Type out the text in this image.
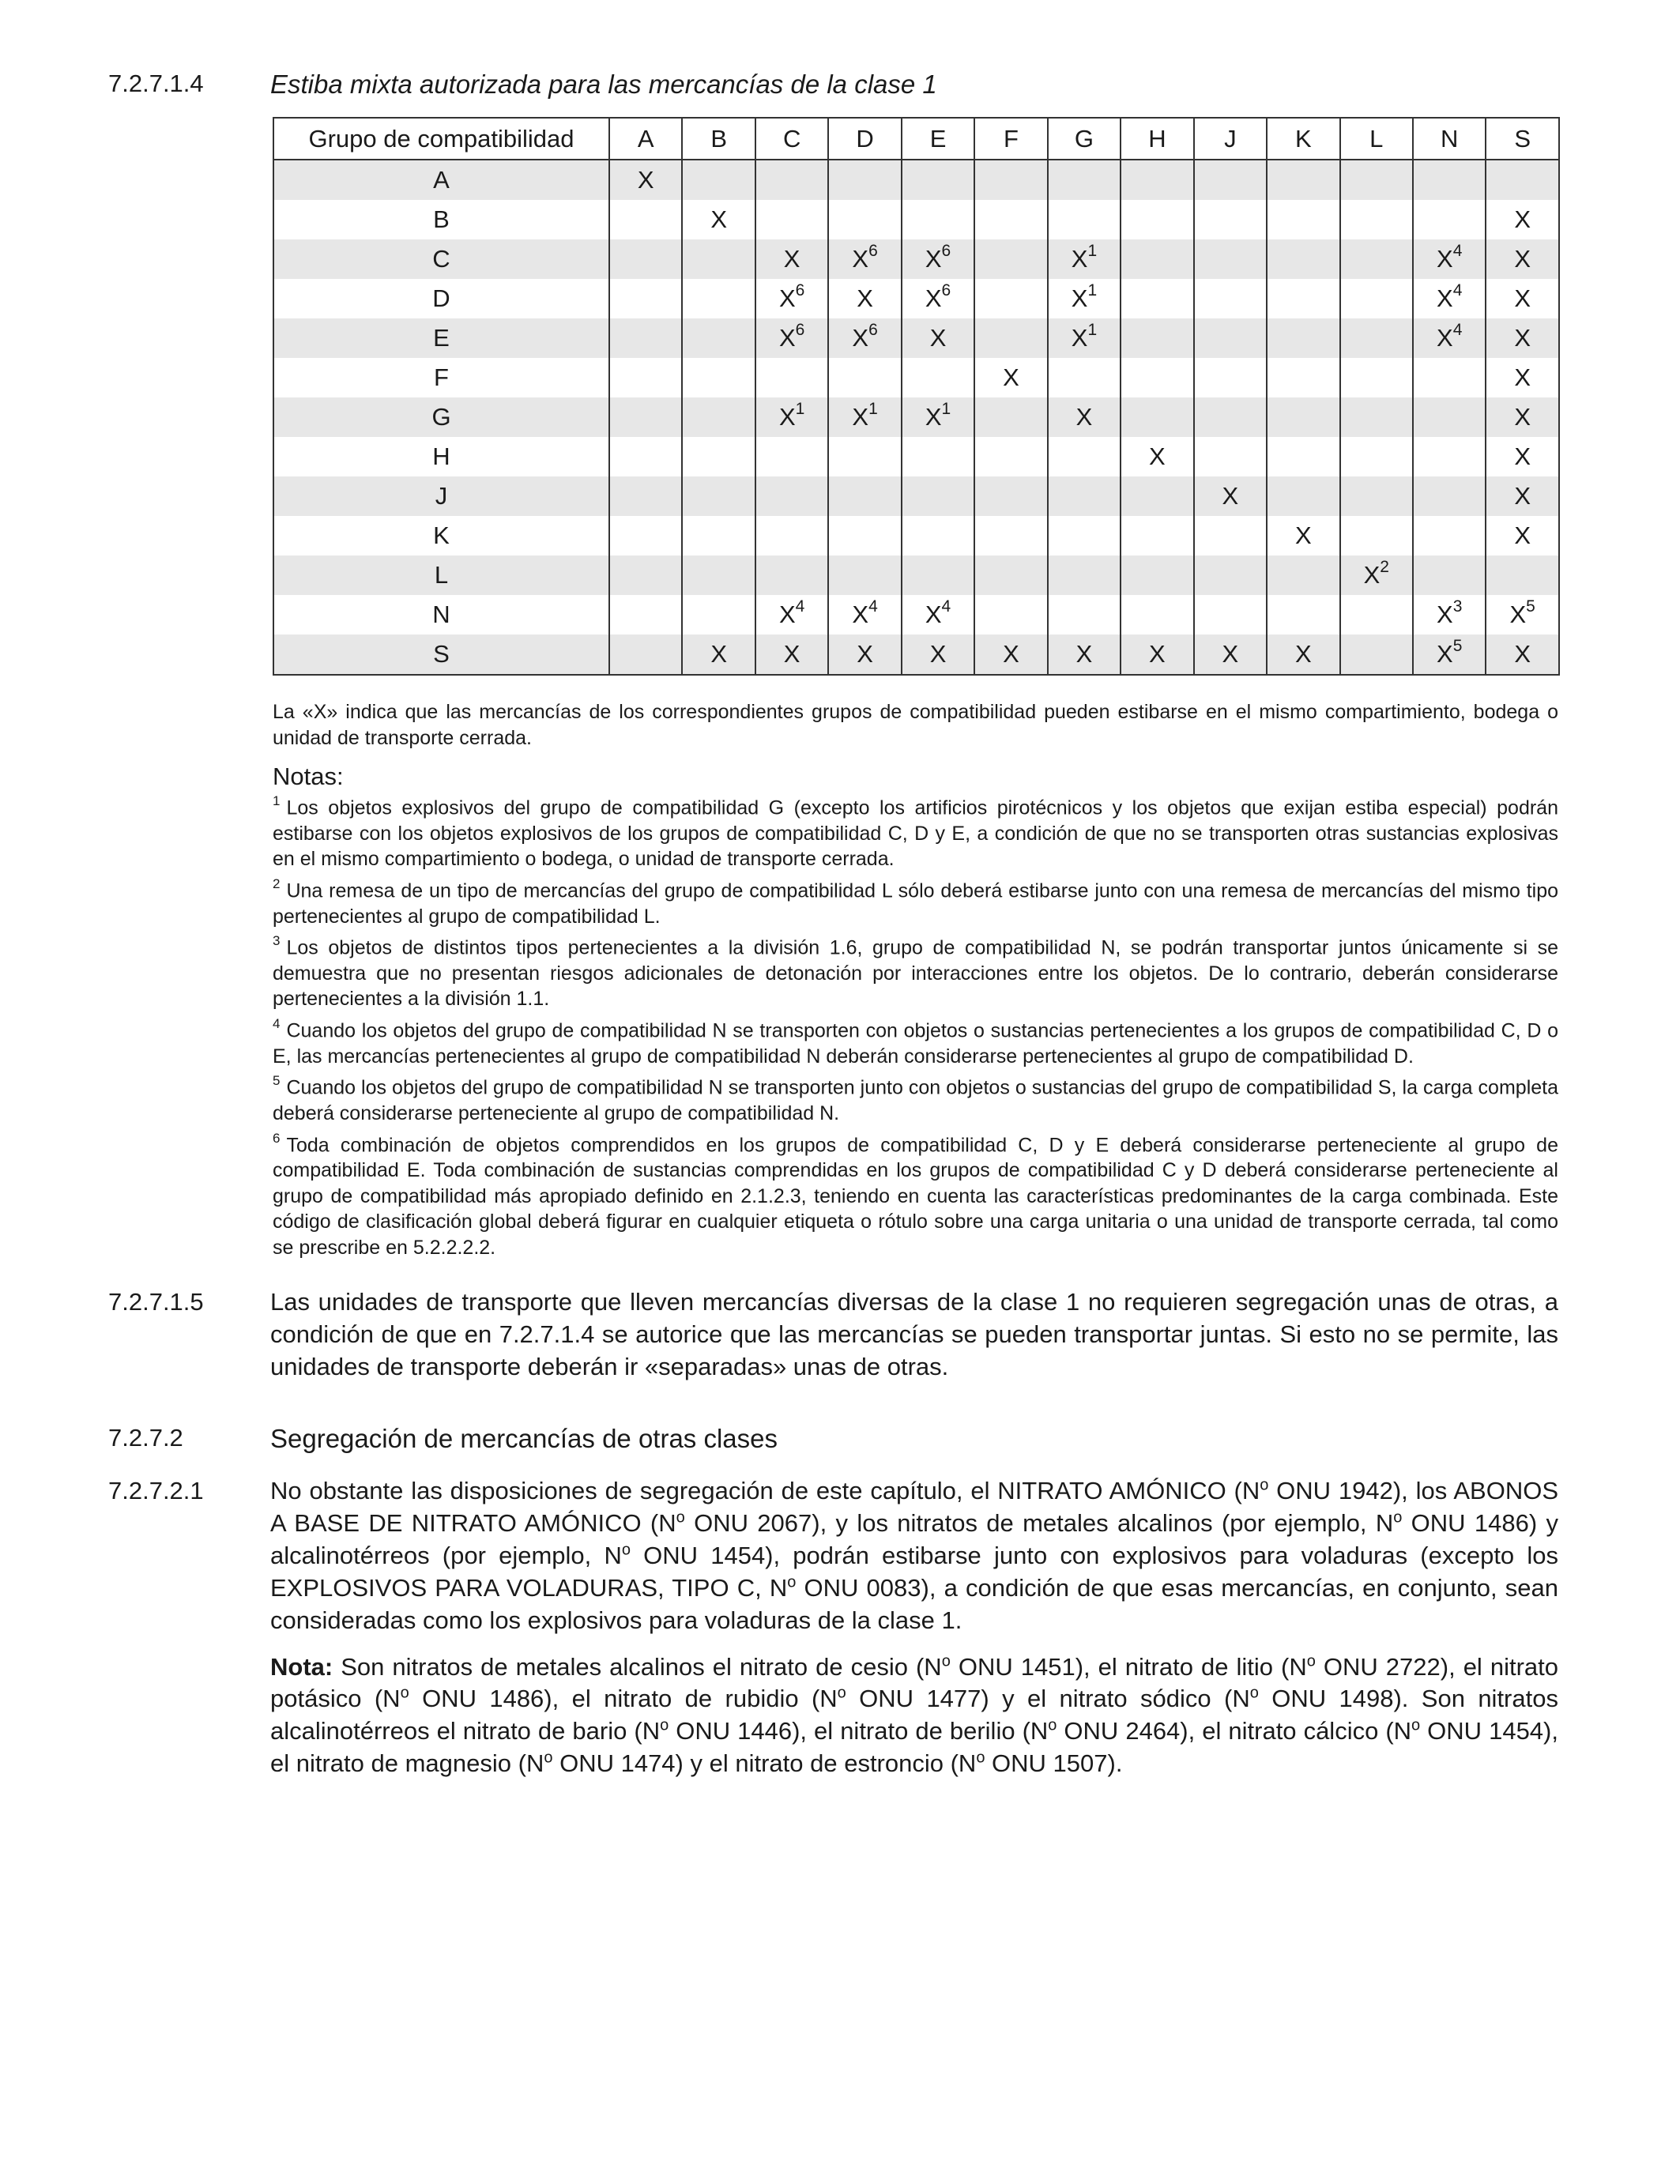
7.2.7.1.4	Estiba mixta autorizada para las mercancías de la clase 1
Grupo de compatibilidad	A	B	C	D	E	F	G	H	J	K	L	N	S
A	X												
B		X											X
C			X	$X^6$	$X^6$		$X^1$					$X^4$	X
D			$X^6$	X	$X^6$		$X^1$					$X^4$	X
E			$X^6$	$X^6$	X		$X^1$					$X^4$	X
F						X							X
G			$X^1$	$X^1$	$X^1$		X						X
H								X					X
J									X				X
K										X			X
L											$X^2$		
N			$X^4$	$X^4$	$X^4$							$X^3$	$X^5$
S		X	X	X	X	X	X	X	X	X		$X^5$	X
La «X» indica que las mercancías de los correspondientes grupos de compatibilidad pueden estibarse en el mismo compartimiento, bodega o unidad de transporte cerrada.
Notas:
$^1$ Los objetos explosivos del grupo de compatibilidad G (excepto los artificios pirotécnicos y los objetos que exijan estiba especial) podrán estibarse con los objetos explosivos de los grupos de compatibilidad C, D y E, a condición de que no se transporten otras sustancias explosivas en el mismo compartimiento o bodega, o unidad de transporte cerrada.
$^2$ Una remesa de un tipo de mercancías del grupo de compatibilidad L sólo deberá estibarse junto con una remesa de mercancías del mismo tipo pertenecientes al grupo de compatibilidad L.
$^3$ Los objetos de distintos tipos pertenecientes a la división 1.6, grupo de compatibilidad N, se podrán transportar juntos únicamente si se demuestra que no presentan riesgos adicionales de detonación por interacciones entre los objetos. De lo contrario, deberán considerarse pertenecientes a la división 1.1.
$^4$ Cuando los objetos del grupo de compatibilidad N se transporten con objetos o sustancias pertenecientes a los grupos de compatibilidad C, D o E, las mercancías pertenecientes al grupo de compatibilidad N deberán considerarse pertenecientes al grupo de compatibilidad D.
$^5$ Cuando los objetos del grupo de compatibilidad N se transporten junto con objetos o sustancias del grupo de compatibilidad S, la carga completa deberá considerarse perteneciente al grupo de compatibilidad N.
$^6$ Toda combinación de objetos comprendidos en los grupos de compatibilidad C, D y E deberá considerarse perteneciente al grupo de compatibilidad E. Toda combinación de sustancias comprendidas en los grupos de compatibilidad C y D deberá considerarse perteneciente al grupo de compatibilidad más apropiado definido en 2.1.2.3, teniendo en cuenta las características predominantes de la carga combinada. Este código de clasificación global deberá figurar en cualquier etiqueta o rótulo sobre una carga unitaria o una unidad de transporte cerrada, tal como se prescribe en 5.2.2.2.2.
7.2.7.1.5	Las unidades de transporte que lleven mercancías diversas de la clase 1 no requieren segregación unas de otras, a condición de que en 7.2.7.1.4 se autorice que las mercancías se pueden transportar juntas. Si esto no se permite, las unidades de transporte deberán ir «separadas» unas de otras.

7.2.7.2	Segregación de mercancías de otras clases
7.2.7.2.1	No obstante las disposiciones de segregación de este capítulo, el NITRATO AMÓNICO ($N^o$ ONU 1942), los ABONOS A BASE DE NITRATO AMÓNICO ($N^o$ ONU 2067), y los nitratos de metales alcalinos (por ejemplo, $N^o$ ONU 1486) y alcalinotérreos (por ejemplo, $N^o$ ONU 1454), podrán estibarse junto con explosivos para voladuras (excepto los EXPLOSIVOS PARA VOLADURAS, TIPO C, $N^o$ ONU 0083), a condición de que esas mercancías, en conjunto, sean consideradas como los explosivos para voladuras de la clase 1.

Nota: Son nitratos de metales alcalinos el nitrato de cesio ($N^o$ ONU 1451), el nitrato de litio ($N^o$ ONU 2722), el nitrato potásico ($N^o$ ONU 1486), el nitrato de rubidio ($N^o$ ONU 1477) y el nitrato sódico ($N^o$ ONU 1498). Son nitratos alcalinotérreos el nitrato de bario ($N^o$ ONU 1446), el nitrato de berilio ($N^o$ ONU 2464), el nitrato cálcico ($N^o$ ONU 1454), el nitrato de magnesio ($N^o$ ONU 1474) y el nitrato de estroncio ($N^o$ ONU 1507).
